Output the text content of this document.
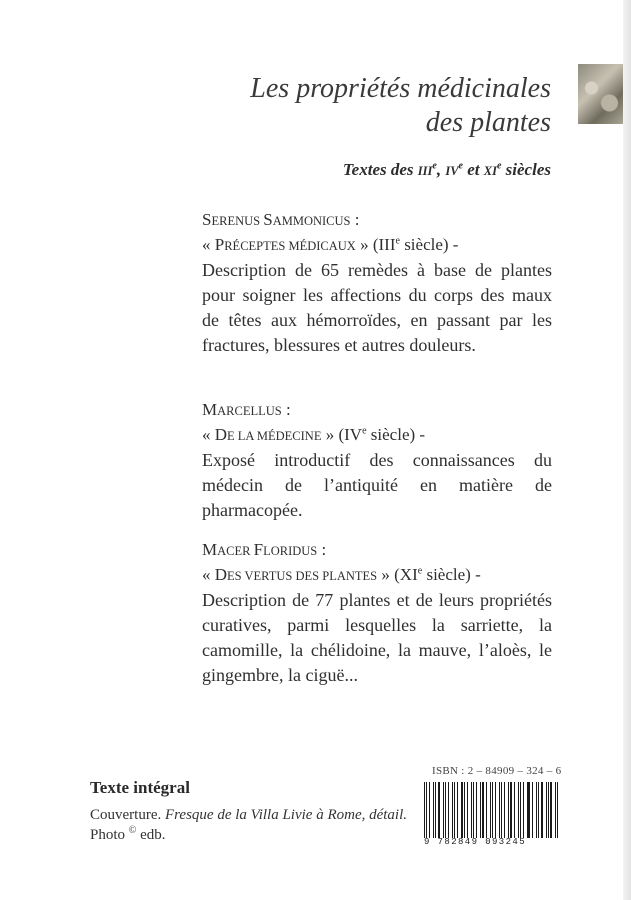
Les propriétés médicinales
des plantes
Textes des IIIe, IVe et XIe siècles
SERENUS SAMMONICUS :
« PRÉCEPTES MÉDICAUX » (IIIe siècle) -
Description de 65 remèdes à base de plantes pour soigner les affections du corps des maux de têtes aux hémorroïdes, en passant par les fractures, blessures et autres douleurs.
MARCELLUS :
« DE LA MÉDECINE » (IVe siècle) -
Exposé introductif des connaissances du médecin de l’antiquité en matière de pharmacopée.
MACER FLORIDUS :
« DES VERTUS DES PLANTES » (XIe siècle) -
Description de 77 plantes et de leurs propriétés curatives, parmi lesquelles la sarriette, la camomille, la chélidoine, la mauve, l’aloès, le gingembre, la ciguë...
Texte intégral
Couverture. Fresque de la Villa Livie à Rome, détail.
Photo © edb.
ISBN : 2 – 84909 – 324 – 6
9 782849 093245
